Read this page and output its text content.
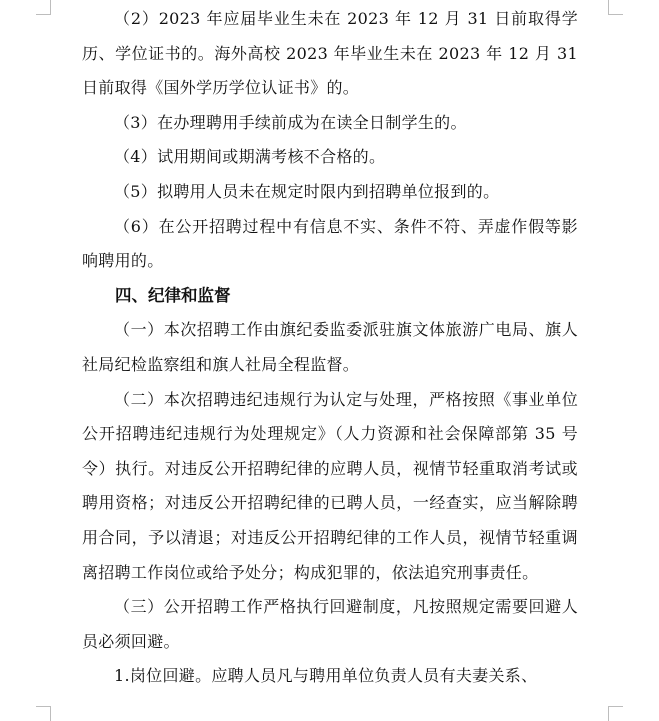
（2）2023 年应届毕业生未在 2023 年 12 月 31 日前取得学历、学位证书的。海外高校 2023 年毕业生未在 2023 年 12 月 31 日前取得《国外学历学位认证书》的。

（3）在办理聘用手续前成为在读全日制学生的。

（4）试用期间或期满考核不合格的。

（5）拟聘用人员未在规定时限内到招聘单位报到的。

（6）在公开招聘过程中有信息不实、条件不符、弄虚作假等影响聘用的。

四、纪律和监督

（一）本次招聘工作由旗纪委监委派驻旗文体旅游广电局、旗人社局纪检监察组和旗人社局全程监督。

（二）本次招聘违纪违规行为认定与处理，严格按照《事业单位公开招聘违纪违规行为处理规定》（人力资源和社会保障部第 35 号令）执行。对违反公开招聘纪律的应聘人员，视情节轻重取消考试或聘用资格；对违反公开招聘纪律的已聘人员，一经查实，应当解除聘用合同，予以清退；对违反公开招聘纪律的工作人员，视情节轻重调离招聘工作岗位或给予处分；构成犯罪的，依法追究刑事责任。

（三）公开招聘工作严格执行回避制度，凡按照规定需要回避人员必须回避。

1.岗位回避。应聘人员凡与聘用单位负责人员有夫妻关系、
